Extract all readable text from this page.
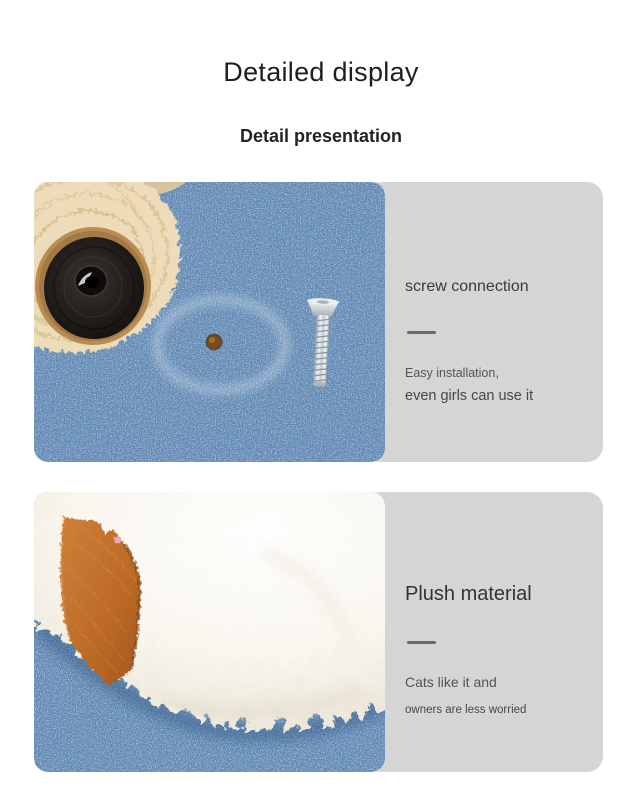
Detailed display
Detail presentation
screw connection
Easy installation,
even girls can use it
Plush material
Cats like it and
owners are less worried
